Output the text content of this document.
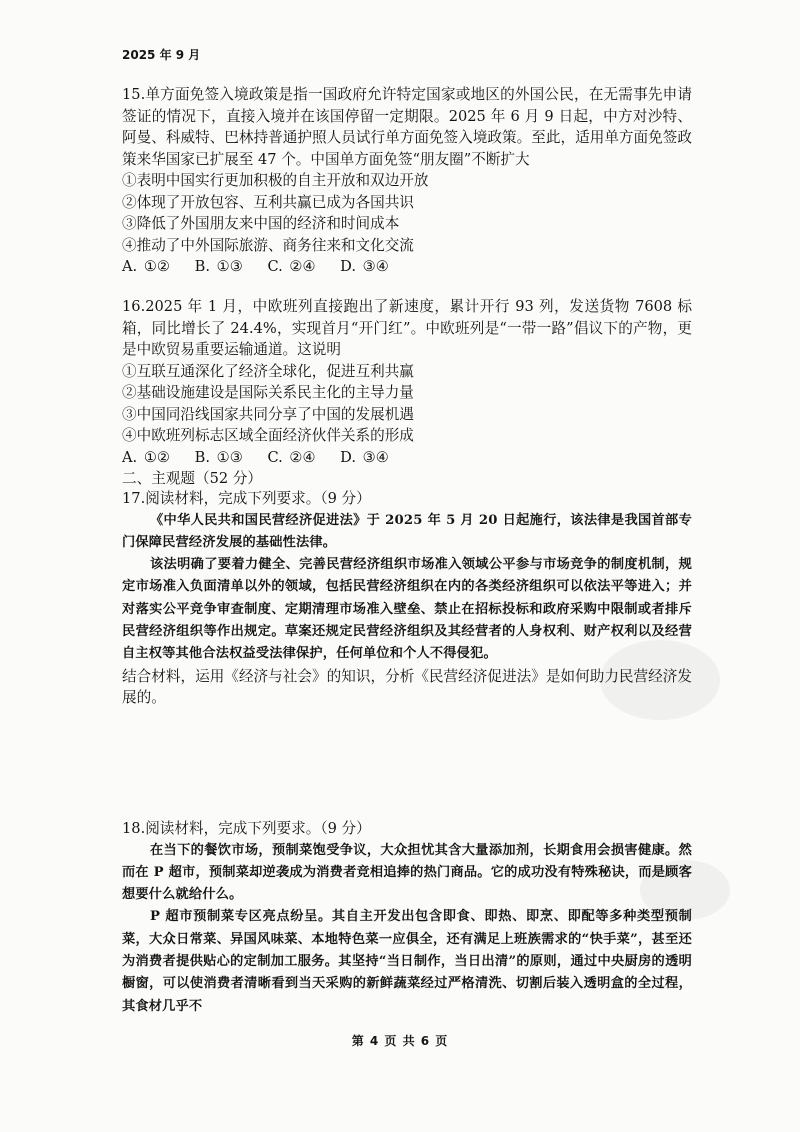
2025 年 9 月

15.单方面免签入境政策是指一国政府允许特定国家或地区的外国公民，在无需事先申请签证的情况下，直接入境并在该国停留一定期限。2025 年 6 月 9 日起，中方对沙特、阿曼、科威特、巴林持普通护照人员试行单方面免签入境政策。至此，适用单方面免签政策来华国家已扩展至 47 个。中国单方面免签“朋友圈”不断扩大

①表明中国实行更加积极的自主开放和双边开放

②体现了开放包容、互利共赢已成为各国共识

③降低了外国朋友来中国的经济和时间成本

④推动了中外国际旅游、商务往来和文化交流

A. ①② B. ①③ C. ②④ D. ③④

16.2025 年 1 月，中欧班列直接跑出了新速度，累计开行 93 列，发送货物 7608 标箱，同比增长了 24.4%，实现首月“开门红”。中欧班列是“一带一路”倡议下的产物，更是中欧贸易重要运输通道。这说明

①互联互通深化了经济全球化，促进互利共赢

②基础设施建设是国际关系民主化的主导力量

③中国同沿线国家共同分享了中国的发展机遇

④中欧班列标志区域全面经济伙伴关系的形成

A. ①② B. ①③ C. ②④ D. ③④

二、主观题（52 分）

17.阅读材料，完成下列要求。（9 分）

《中华人民共和国民营经济促进法》于 2025 年 5 月 20 日起施行，该法律是我国首部专门保障民营经济发展的基础性法律。

该法明确了要着力健全、完善民营经济组织市场准入领域公平参与市场竞争的制度机制，规定市场准入负面清单以外的领域，包括民营经济组织在内的各类经济组织可以依法平等进入；并对落实公平竞争审查制度、定期清理市场准入壁垒、禁止在招标投标和政府采购中限制或者排斥民营经济组织等作出规定。草案还规定民营经济组织及其经营者的人身权利、财产权利以及经营自主权等其他合法权益受法律保护，任何单位和个人不得侵犯。

结合材料，运用《经济与社会》的知识，分析《民营经济促进法》是如何助力民营经济发展的。

18.阅读材料，完成下列要求。（9 分）

在当下的餐饮市场，预制菜饱受争议，大众担忧其含大量添加剂，长期食用会损害健康。然而在 P 超市，预制菜却逆袭成为消费者竞相追捧的热门商品。它的成功没有特殊秘诀，而是顾客想要什么就给什么。

P 超市预制菜专区亮点纷呈。其自主开发出包含即食、即热、即烹、即配等多种类型预制菜，大众日常菜、异国风味菜、本地特色菜一应俱全，还有满足上班族需求的“快手菜”，甚至还为消费者提供贴心的定制加工服务。其坚持“当日制作，当日出清”的原则，通过中央厨房的透明橱窗，可以使消费者清晰看到当天采购的新鲜蔬菜经过严格清洗、切割后装入透明盒的全过程，其食材几乎不

第 4 页 共 6 页
